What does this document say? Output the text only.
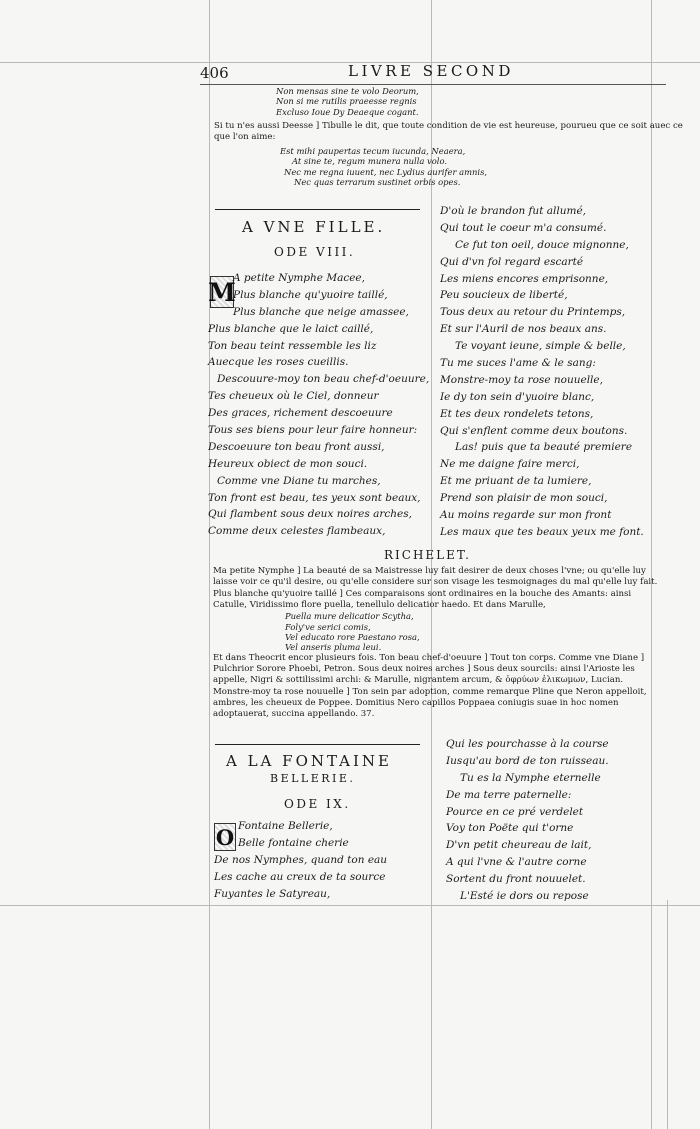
406	LIVRE SECOND
Non mensas sine te volo Deorum,
Non si me rutilis praeesse regnis
Excluso Ioue Dy Deaeque cogant.
Si tu n'es aussi Deesse ] Tibulle le dit, que toute condition de vie est heureuse, pourueu que ce soit auec ce
que l'on aime:
Est mihi paupertas tecum iucunda, Neaera,
At sine te, regum munera nulla volo.
Nec me regna iuuent, nec Lydius aurifer amnis,
Nec quas terrarum sustinet orbis opes.
A VNE FILLE.
ODE VIII.
M
A petite Nymphe Macee,
Plus blanche qu'yuoire taillé,
Plus blanche que neige amassee,
Plus blanche que le laict caillé,
Ton beau teint ressemble les liz
Auecque les roses cueillis.
Descouure-moy ton beau chef-d'oeuure,
Tes cheueux où le Ciel, donneur
Des graces, richement descoeuure
Tous ses biens pour leur faire honneur:
Descoeuure ton beau front aussi,
Heureux obiect de mon souci.
Comme vne Diane tu marches,
Ton front est beau, tes yeux sont beaux,
Qui flambent sous deux noires arches,
Comme deux celestes flambeaux,
D'où le brandon fut allumé,
Qui tout le coeur m'a consumé.
Ce fut ton oeil, douce mignonne,
Qui d'vn fol regard escarté
Les miens encores emprisonne,
Peu soucieux de liberté,
Tous deux au retour du Printemps,
Et sur l'Auril de nos beaux ans.
Te voyant ieune, simple & belle,
Tu me suces l'ame & le sang:
Monstre-moy ta rose nouuelle,
Ie dy ton sein d'yuoire blanc,
Et tes deux rondelets tetons,
Qui s'enflent comme deux boutons.
Las! puis que ta beauté premiere
Ne me daigne faire merci,
Et me priuant de ta lumiere,
Prend son plaisir de mon souci,
Au moins regarde sur mon front
Les maux que tes beaux yeux me font.
RICHELET.

Ma petite Nymphe ] La beauté de sa Maistresse luy fait desirer de deux choses l'vne; ou qu'elle luy laisse voir ce qu'il desire, ou qu'elle considere sur son visage les tesmoignages du mal qu'elle luy fait. Plus blanche qu'yuoire taillé ] Ces comparaisons sont ordinaires en la bouche des Amants: ainsi Catulle, Viridissimo flore puella, tenellulo delicatior haedo. Et dans Marulle,

Puella mure delicatior Scytha,
Foly've serici comis,
Vel educato rore Paestano rosa,
Vel anseris pluma leui.

Et dans Theocrit encor plusieurs fois. Ton beau chef-d'oeuure ] Tout ton corps. Comme vne Diane ] Pulchrior Sorore Phoebi, Petron. Sous deux noires arches ] Sous deux sourcils: ainsi l'Arioste les appelle, Nigri & sottilissimi archi: & Marulle, nigrantem arcum, & ὀφρύων ἐλικωμων, Lucian. Monstre-moy ta rose nouuelle ] Ton sein par adoption, comme remarque Pline que Neron appelloit, ambres, les cheueux de Poppee. Domitius Nero capillos Poppaea coniugis suae in hoc nomen adoptauerat, succina appellando. 37.

A LA FONTAINE
BELLERIE.
ODE IX.
O Fontaine Bellerie,
Belle fontaine cherie
De nos Nymphes, quand ton eau
Les cache au creux de ta source
Fuyantes le Satyreau,
Qui les pourchasse à la course
Iusqu'au bord de ton ruisseau.
Tu es la Nymphe eternelle
De ma terre paternelle:
Pource en ce pré verdelet
Voy ton Poëte qui t'orne
D'vn petit cheureau de lait,
A qui l'vne & l'autre corne
Sortent du front nouuelet.
L'Esté ie dors ou repose
